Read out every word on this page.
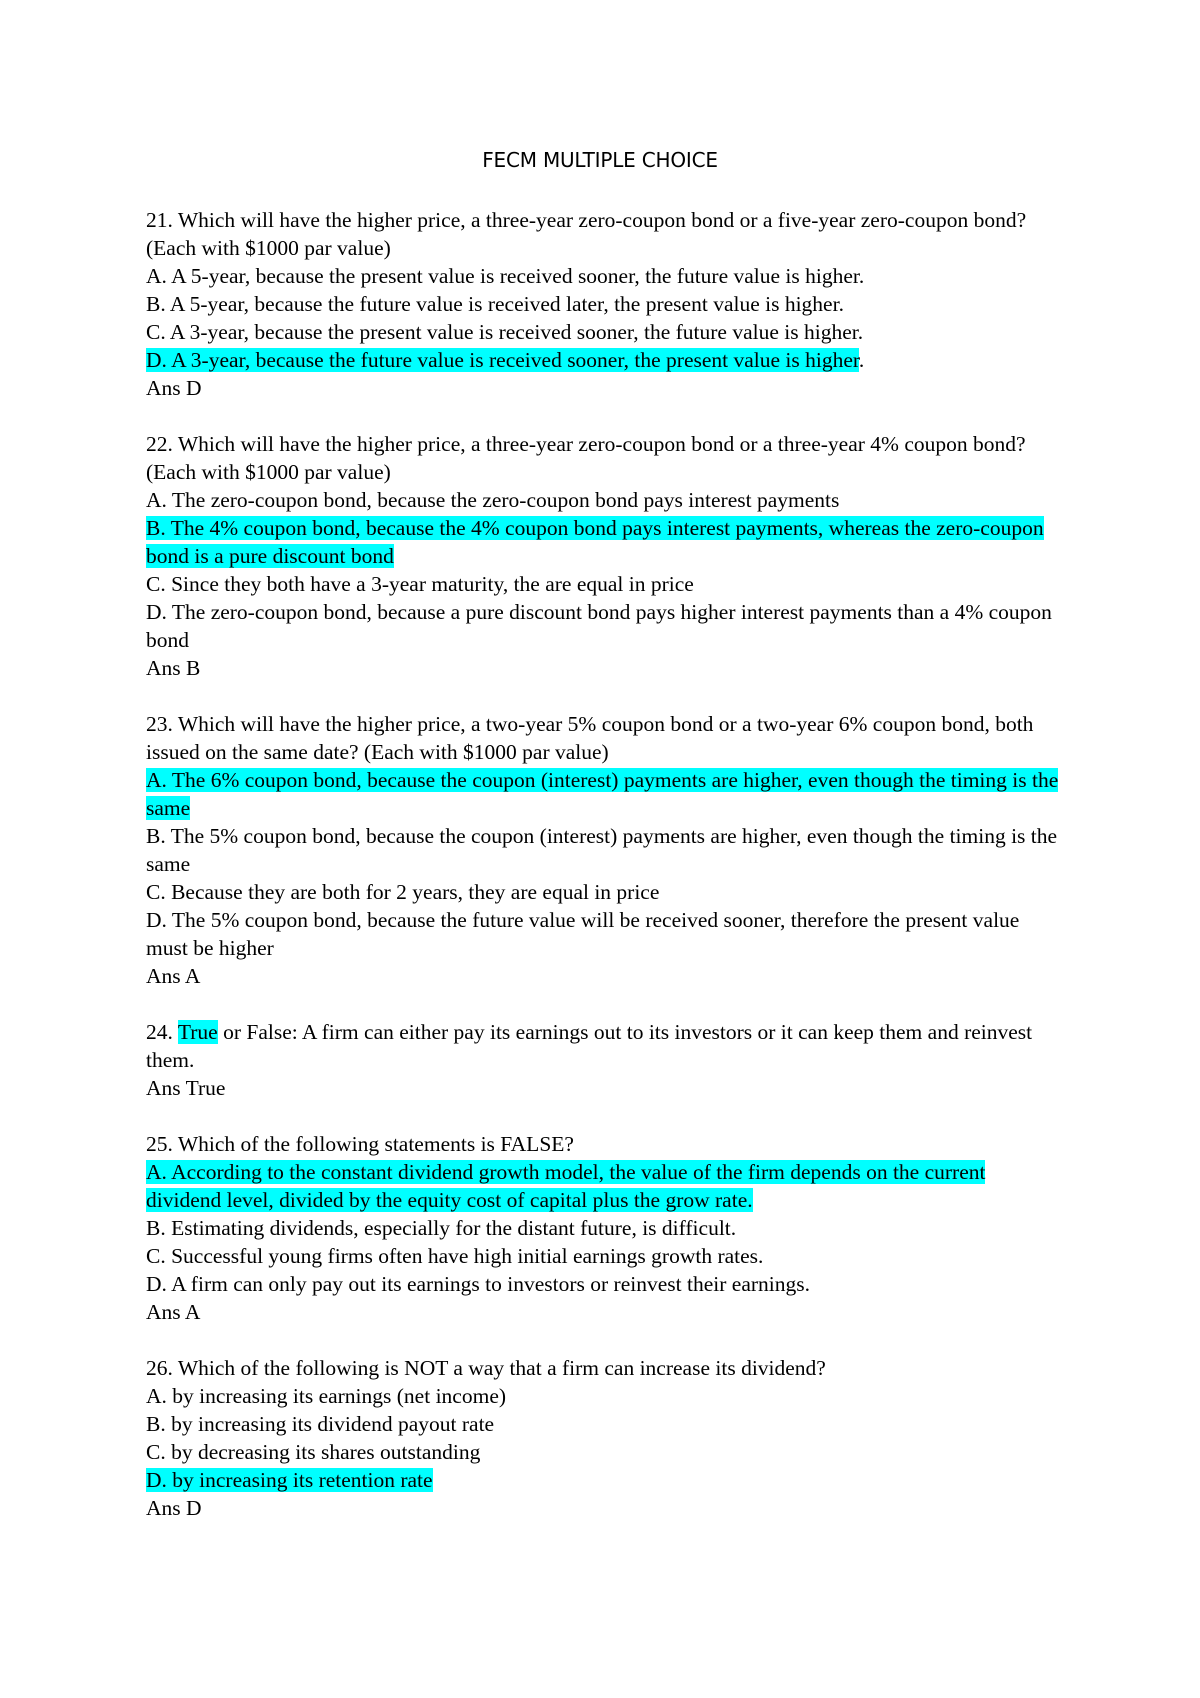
FECM MULTIPLE CHOICE
21. Which will have the higher price, a three-year zero-coupon bond or a five-year zero-coupon bond? (Each with $1000 par value)
A. A 5-year, because the present value is received sooner, the future value is higher.
B. A 5-year, because the future value is received later, the present value is higher.
C. A 3-year, because the present value is received sooner, the future value is higher.
D. A 3-year, because the future value is received sooner, the present value is higher.
Ans D
22. Which will have the higher price, a three-year zero-coupon bond or a three-year 4% coupon bond? (Each with $1000 par value)
A. The zero-coupon bond, because the zero-coupon bond pays interest payments
B. The 4% coupon bond, because the 4% coupon bond pays interest payments, whereas the zero-coupon bond is a pure discount bond
C. Since they both have a 3-year maturity, the are equal in price
D. The zero-coupon bond, because a pure discount bond pays higher interest payments than a 4% coupon bond
Ans B
23. Which will have the higher price, a two-year 5% coupon bond or a two-year 6% coupon bond, both issued on the same date? (Each with $1000 par value)
A. The 6% coupon bond, because the coupon (interest) payments are higher, even though the timing is the same
B. The 5% coupon bond, because the coupon (interest) payments are higher, even though the timing is the same
C. Because they are both for 2 years, they are equal in price
D. The 5% coupon bond, because the future value will be received sooner, therefore the present value must be higher
Ans A
24. True or False: A firm can either pay its earnings out to its investors or it can keep them and reinvest them.
Ans True
25. Which of the following statements is FALSE?
A. According to the constant dividend growth model, the value of the firm depends on the current dividend level, divided by the equity cost of capital plus the grow rate.
B. Estimating dividends, especially for the distant future, is difficult.
C. Successful young firms often have high initial earnings growth rates.
D. A firm can only pay out its earnings to investors or reinvest their earnings.
Ans A
26. Which of the following is NOT a way that a firm can increase its dividend?
A. by increasing its earnings (net income)
B. by increasing its dividend payout rate
C. by decreasing its shares outstanding
D. by increasing its retention rate
Ans D
